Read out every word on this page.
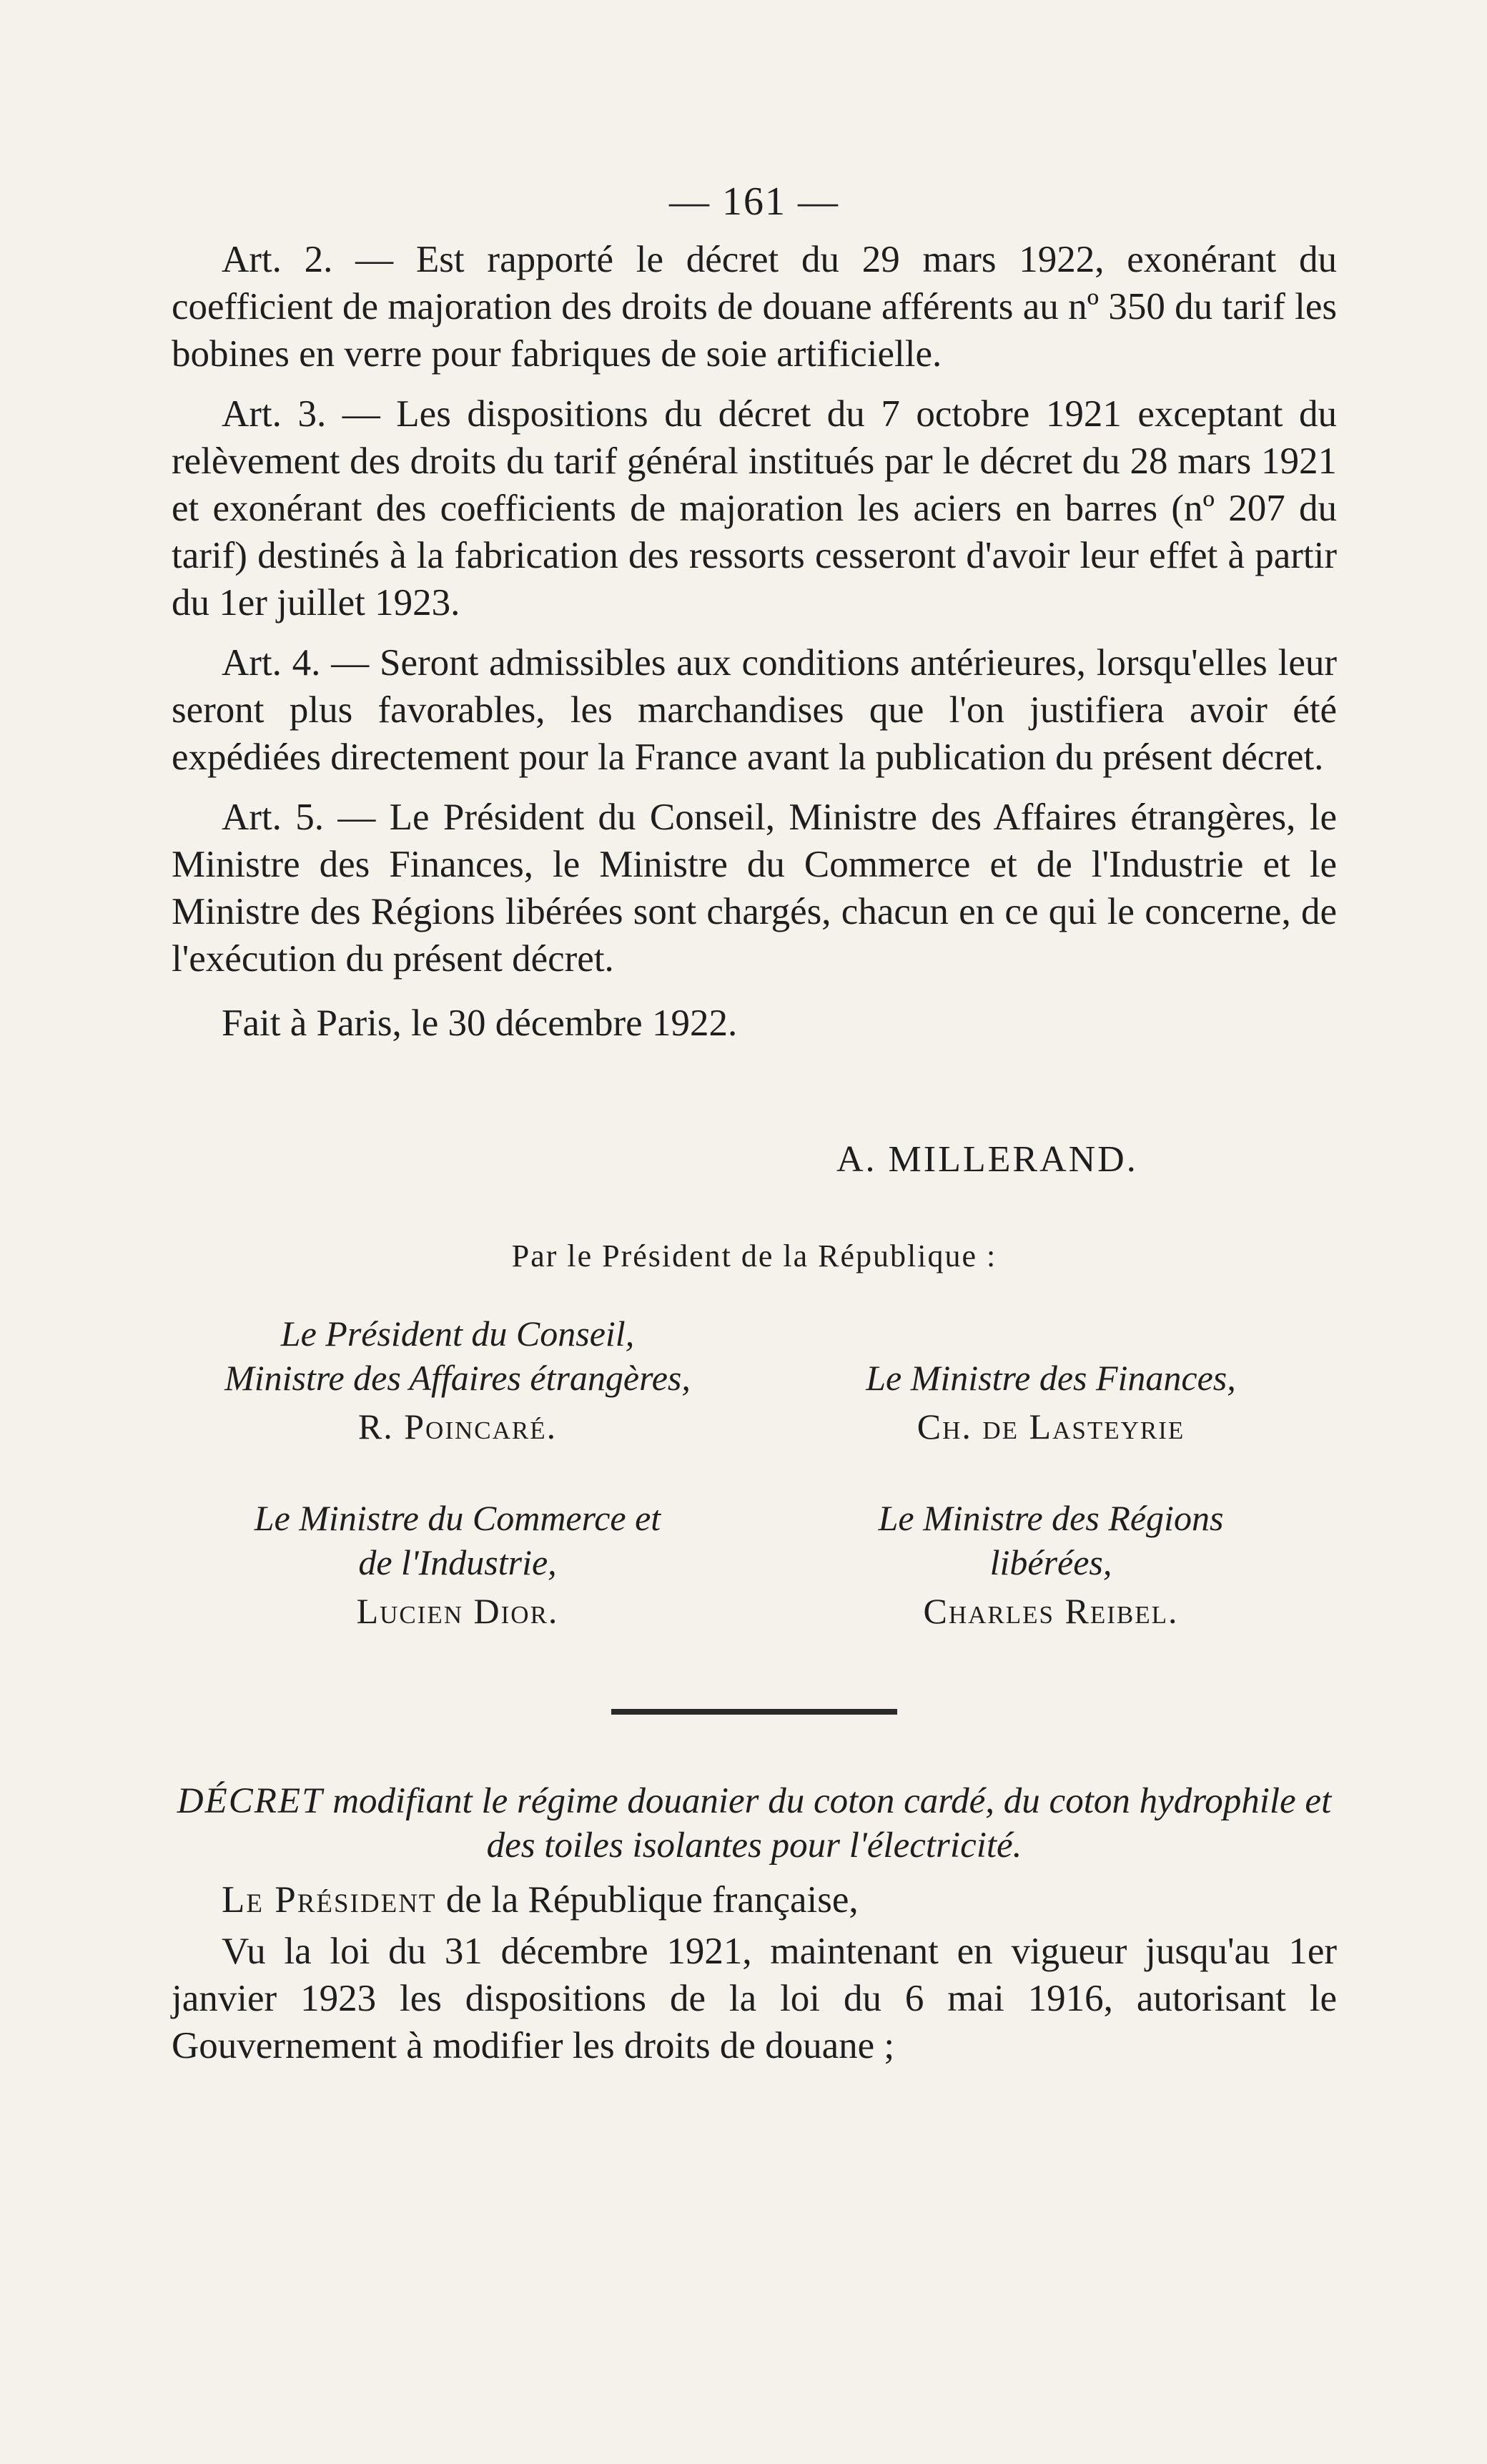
— 161 —

Art. 2. — Est rapporté le décret du 29 mars 1922, exonérant du coefficient de majoration des droits de douane afférents au nº 350 du tarif les bobines en verre pour fabriques de soie artificielle.

Art. 3. — Les dispositions du décret du 7 octobre 1921 exceptant du relèvement des droits du tarif général institués par le décret du 28 mars 1921 et exonérant des coefficients de majoration les aciers en barres (nº 207 du tarif) destinés à la fabrication des ressorts cesseront d'avoir leur effet à partir du 1er juillet 1923.

Art. 4. — Seront admissibles aux conditions antérieures, lorsqu'elles leur seront plus favorables, les marchandises que l'on justifiera avoir été expédiées directement pour la France avant la publication du présent décret.

Art. 5. — Le Président du Conseil, Ministre des Affaires étrangères, le Ministre des Finances, le Ministre du Commerce et de l'Industrie et le Ministre des Régions libérées sont chargés, chacun en ce qui le concerne, de l'exécution du présent décret.

Fait à Paris, le 30 décembre 1922.

A. MILLERAND.
Par le Président de la République :
Le Président du Conseil,
Ministre des Affaires étrangères,
R. Poincaré.
Le Ministre des Finances,
Ch. de Lasteyrie
Le Ministre du Commerce et
de l'Industrie,
Lucien Dior.
Le Ministre des Régions
libérées,
Charles Reibel.

DÉCRET modifiant le régime douanier du coton cardé, du coton hydrophile et des toiles isolantes pour l'électricité.

Le Président de la République française,

Vu la loi du 31 décembre 1921, maintenant en vigueur jusqu'au 1er janvier 1923 les dispositions de la loi du 6 mai 1916, autorisant le Gouvernement à modifier les droits de douane ;
